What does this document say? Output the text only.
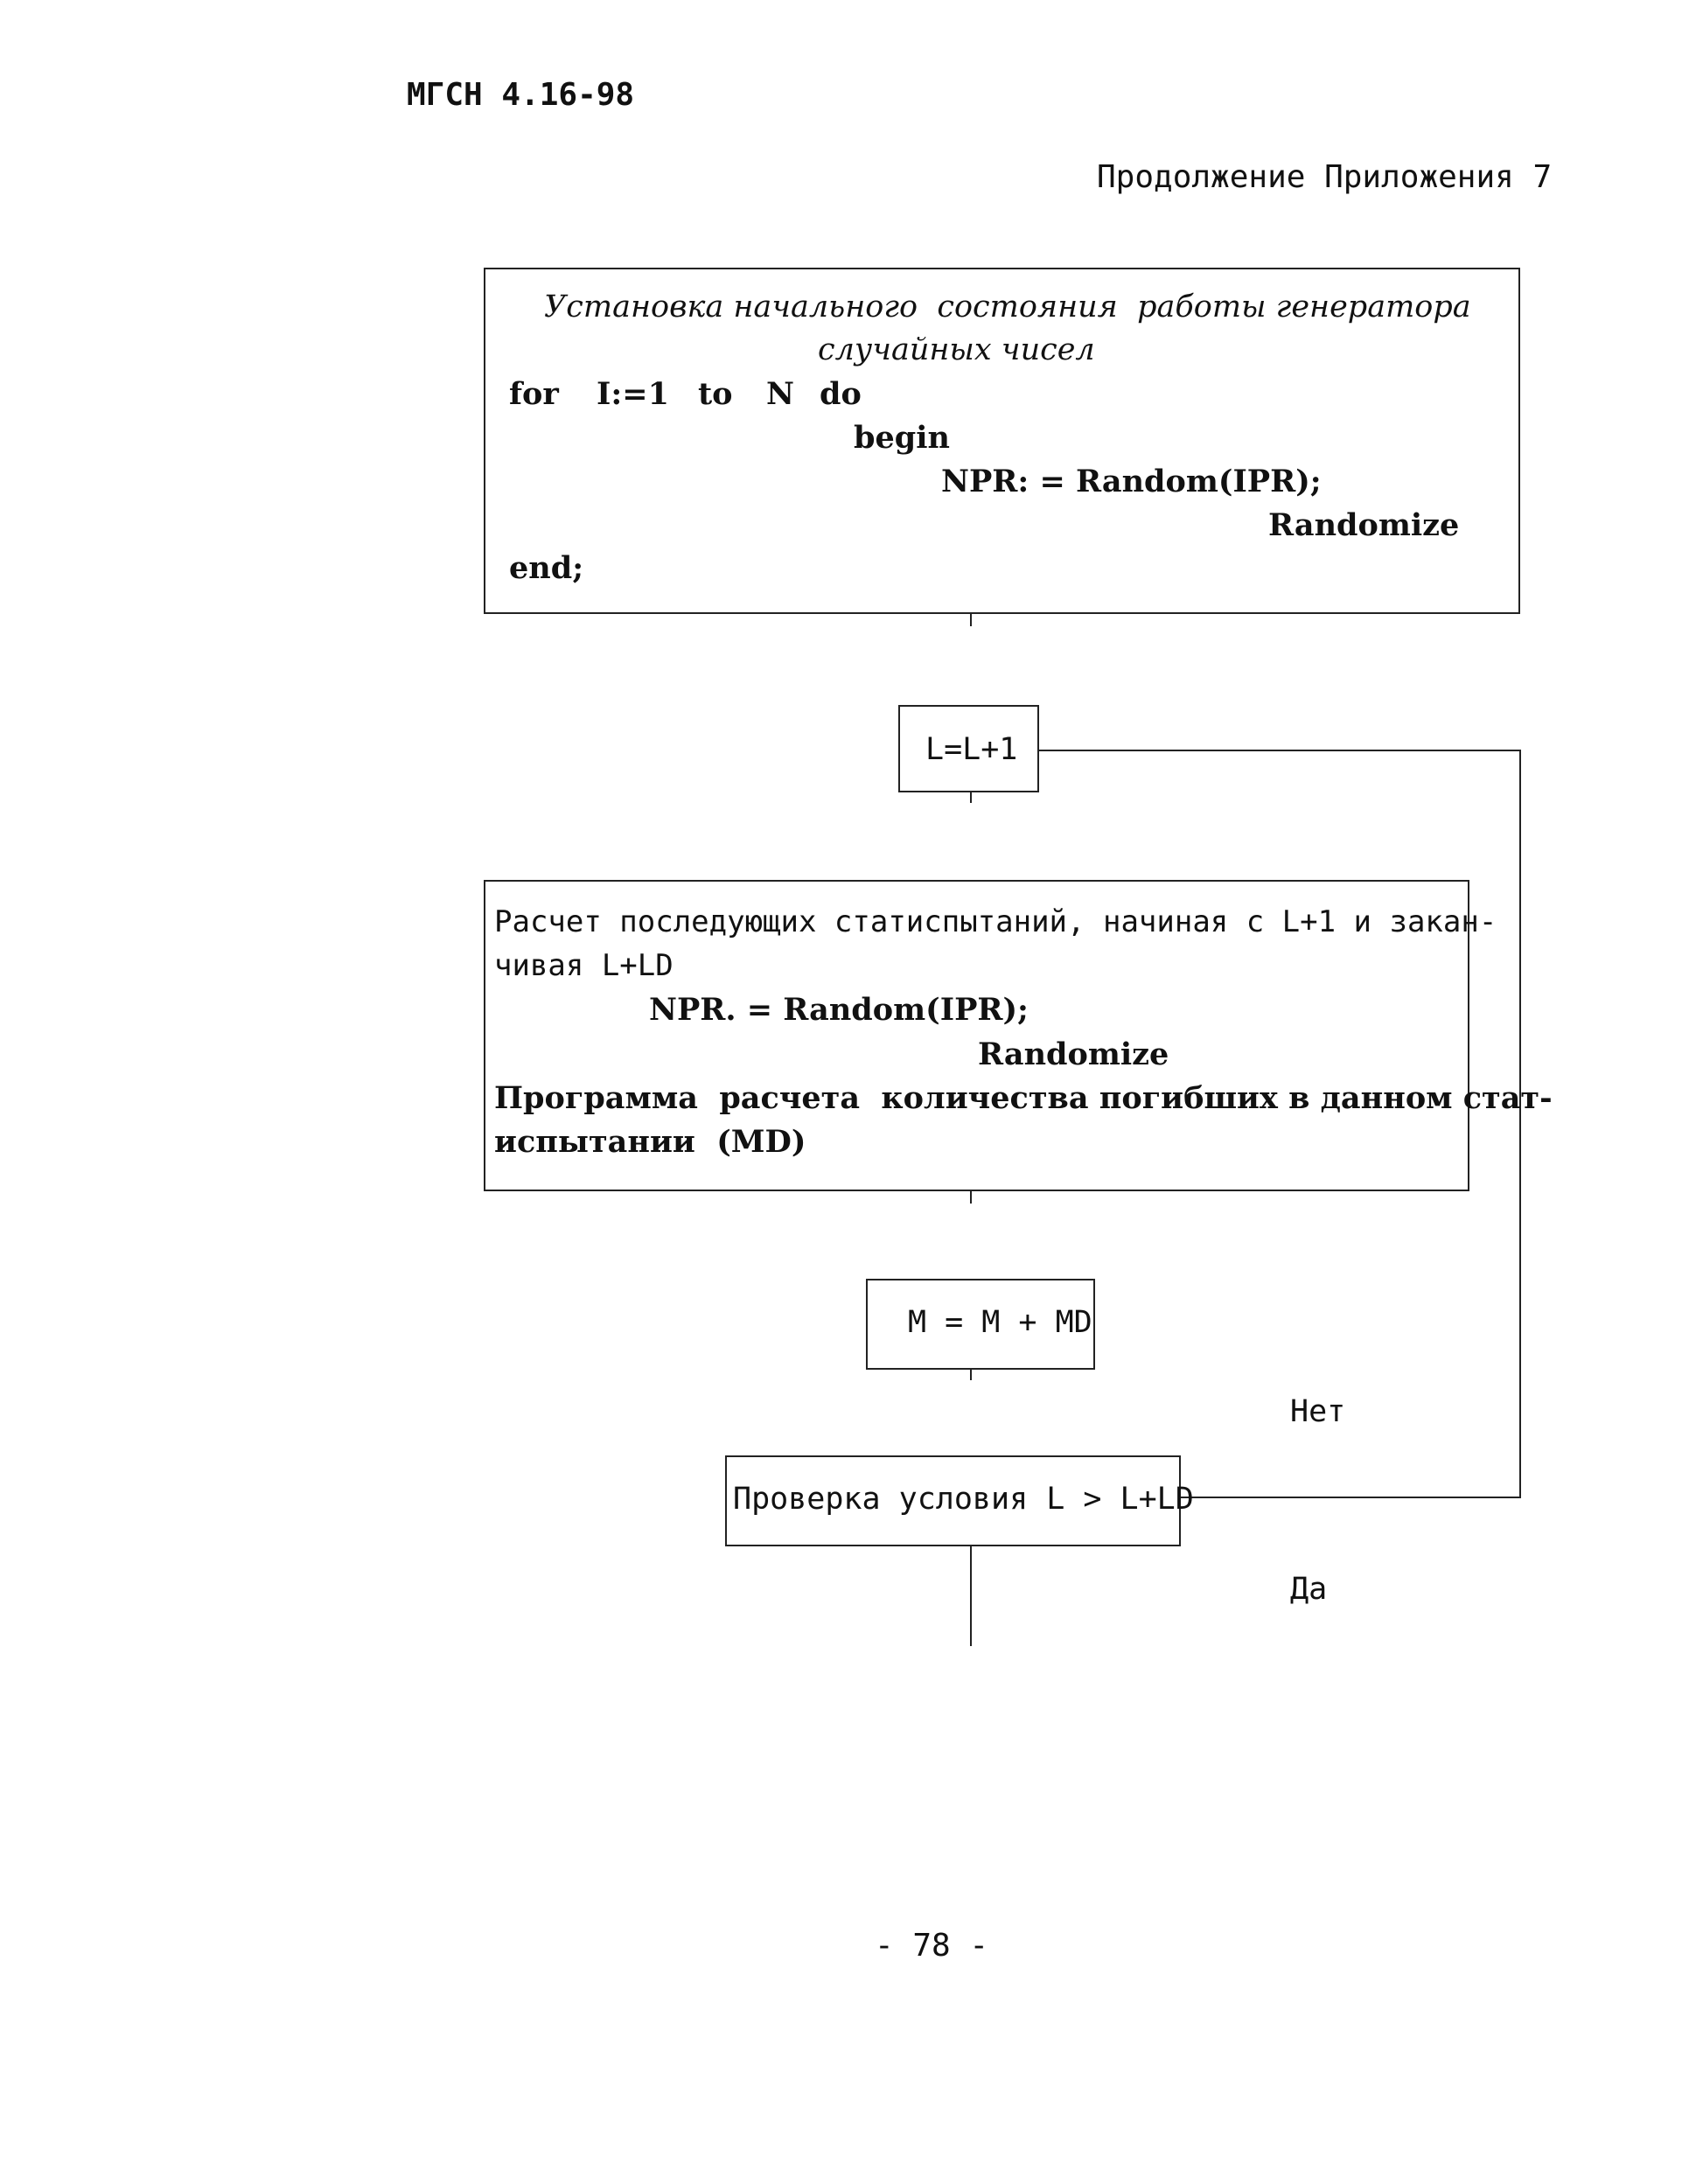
МГСН 4.16-98
Продолжение Приложения 7
Установка начального  состояния  работы генератора
случайных чисел
for I:=1 to N do
begin
NPR: = Random(IPR);
Randomize
end;
L=L+1
Расчет последующих статиспытаний, начиная с L+1 и закан-
чивая L+LD
NPR. = Random(IPR);
Randomize
Программа  расчета  количества погибших в данном стат-
испытании  (MD)
M = M + MD
Проверка условия L > L+LD
Нет
Да
- 78 -
